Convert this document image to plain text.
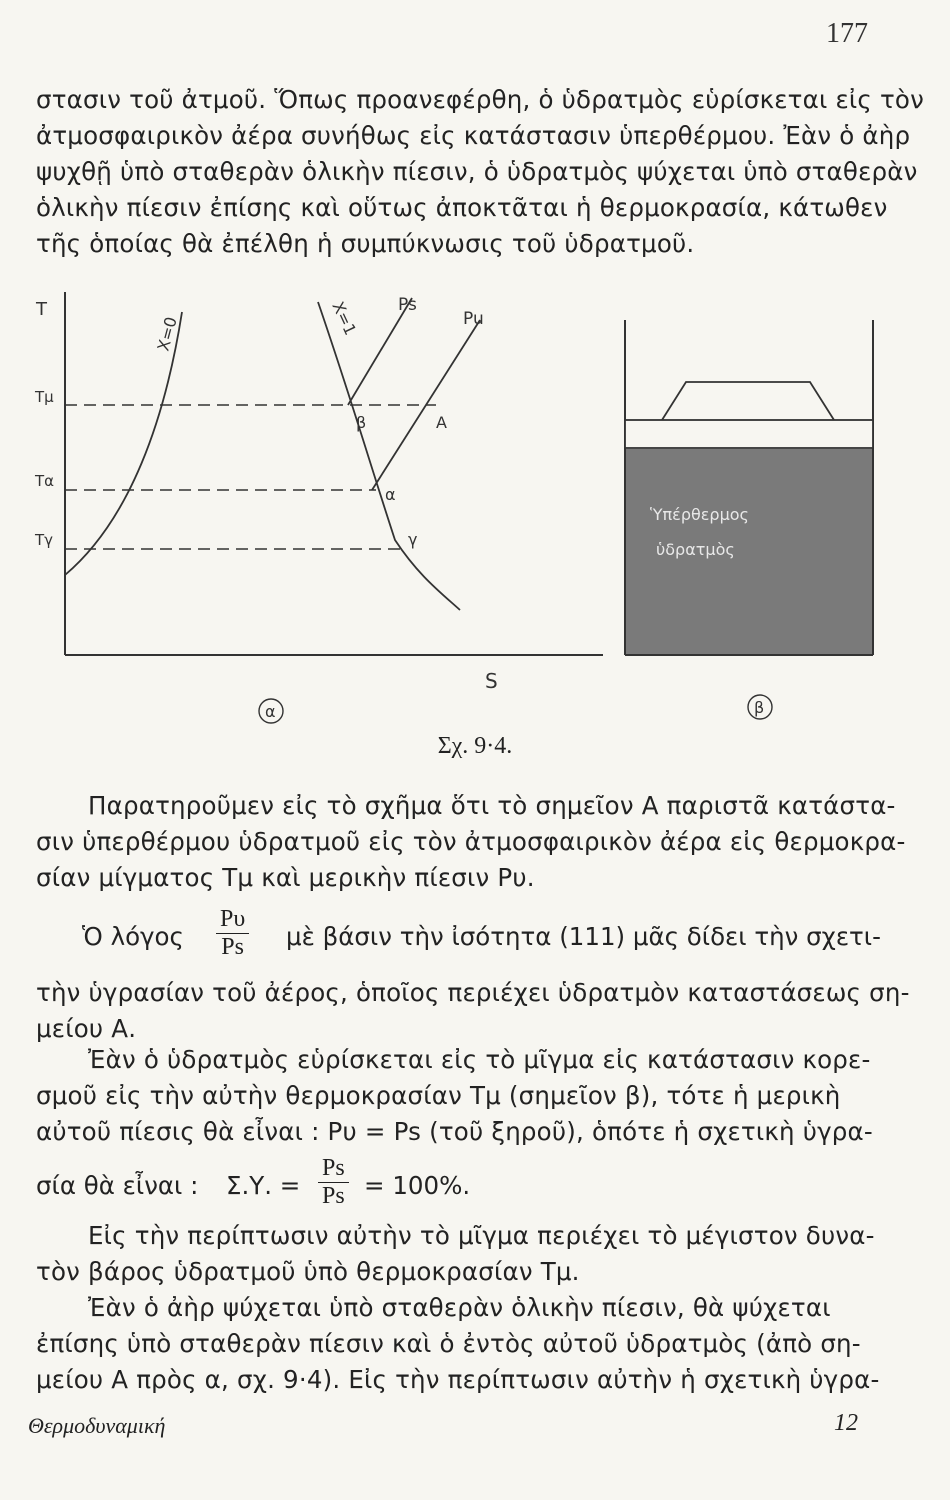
177
στασιν τοῦ ἀτμοῦ. Ὅπως προανεφέρθη, ὁ ὑδρατμὸς εὑρίσκεται εἰς τὸν
ἀτμοσφαιρικὸν ἀέρα συνήθως εἰς κατάστασιν ὑπερθέρμου. Ἐὰν ὁ ἀὴρ
ψυχθῇ ὑπὸ σταθερὰν ὁλικὴν πίεσιν, ὁ ὑδρατμὸς ψύχεται ὑπὸ σταθερὰν
ὁλικὴν πίεσιν ἐπίσης καὶ οὕτως ἀποκτᾶται ἡ θερμοκρασία, κάτωθεν
τῆς ὁποίας θὰ ἐπέλθη ἡ συμπύκνωσις τοῦ ὑδρατμοῦ.
T
S
Tμ
Tα
Tγ
X=0	X=1 Ps
Pu
β	A
α
γ
α
Ὑπέρθερμος
ὑδρατμὸς
β
Σχ. 9·4.
Παρατηροῦμεν εἰς τὸ σχῆμα ὅτι τὸ σημεῖον Α παριστᾶ κατάστα-
σιν ὑπερθέρμου ὑδρατμοῦ εἰς τὸν ἀτμοσφαιρικὸν ἀέρα εἰς θερμοκρα-
σίαν μίγματος Tμ καὶ μερικὴν πίεσιν Pυ.
Ὁ λόγος $\frac{P\upsilon}{Ps}$ μὲ βάσιν τὴν ἰσότητα (111) μᾶς δίδει τὴν σχετι-
τὴν ὑγρασίαν τοῦ ἀέρος, ὁποῖος περιέχει ὑδρατμὸν καταστάσεως ση-
μείου Α.
Ἐὰν ὁ ὑδρατμὸς εὑρίσκεται εἰς τὸ μῖγμα εἰς κατάστασιν κορε-
σμοῦ εἰς τὴν αὐτὴν θερμοκρασίαν Tμ (σημεῖον β), τότε ἡ μερικὴ
αὐτοῦ πίεσις θὰ εἶναι : Pυ = Ps (τοῦ ξηροῦ), ὁπότε ἡ σχετικὴ ὑγρα-
σία θὰ εἶναι : Σ.Υ. = $\frac{Ps}{Ps} = 100\%$.
Εἰς τὴν περίπτωσιν αὐτὴν τὸ μῖγμα περιέχει τὸ μέγιστον δυνα-
τὸν βάρος ὑδρατμοῦ ὑπὸ θερμοκρασίαν Tμ.
Ἐὰν ὁ ἀὴρ ψύχεται ὑπὸ σταθερὰν ὁλικὴν πίεσιν, θὰ ψύχεται
ἐπίσης ὑπὸ σταθερὰν πίεσιν καὶ ὁ ἐντὸς αὐτοῦ ὑδρατμὸς (ἀπὸ ση-
μείου Α πρὸς α, σχ. 9·4). Εἰς τὴν περίπτωσιν αὐτὴν ἡ σχετικὴ ὑγρα-
Θερμοδυναμική	12
